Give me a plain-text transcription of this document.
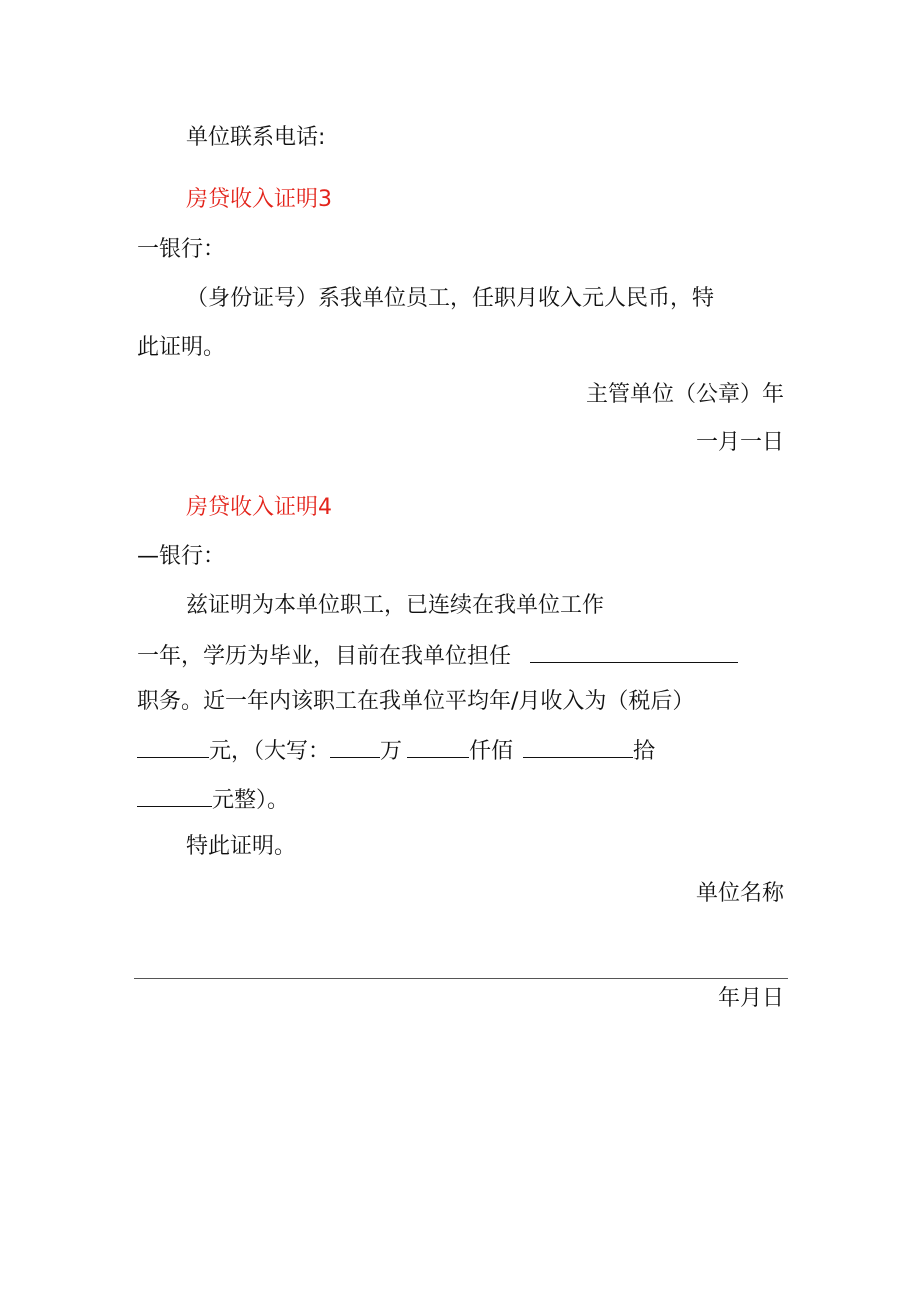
单位联系电话:
房贷收入证明3
一银行：
（身份证号）系我单位员工，任职月收入元人民币，特
此证明。
主管单位（公章）年
一月一日
房贷收入证明4
—银行：
兹证明为本单位职工，已连续在我单位工作
一年，学历为毕业，目前在我单位担任
职务。近一年内该职工在我单位平均年/月收入为（税后）
元，（大写： 万	仟佰	拾
元整）。
特此证明。
单位名称
年月日
